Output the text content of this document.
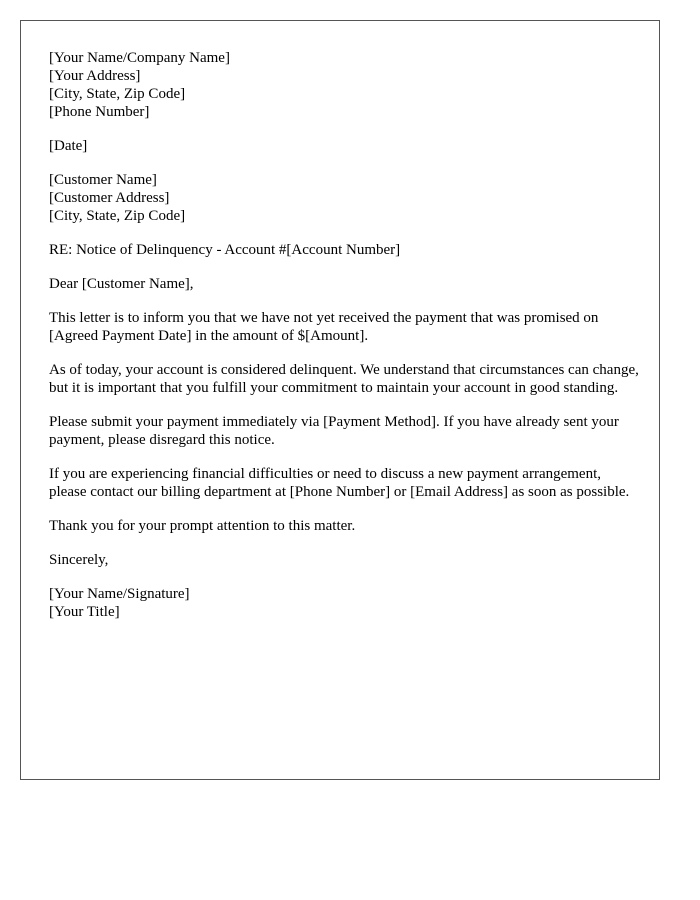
[Your Name/Company Name]
[Your Address]
[City, State, Zip Code]
[Phone Number]
[Date]
[Customer Name]
[Customer Address]
[City, State, Zip Code]

RE: Notice of Delinquency - Account #[Account Number]

Dear [Customer Name],

This letter is to inform you that we have not yet received the payment that was promised on [Agreed Payment Date] in the amount of $[Amount].

As of today, your account is considered delinquent. We understand that circumstances can change, but it is important that you fulfill your commitment to maintain your account in good standing.

Please submit your payment immediately via [Payment Method]. If you have already sent your payment, please disregard this notice.

If you are experiencing financial difficulties or need to discuss a new payment arrangement, please contact our billing department at [Phone Number] or [Email Address] as soon as possible.

Thank you for your prompt attention to this matter.

Sincerely,

[Your Name/Signature]
[Your Title]
